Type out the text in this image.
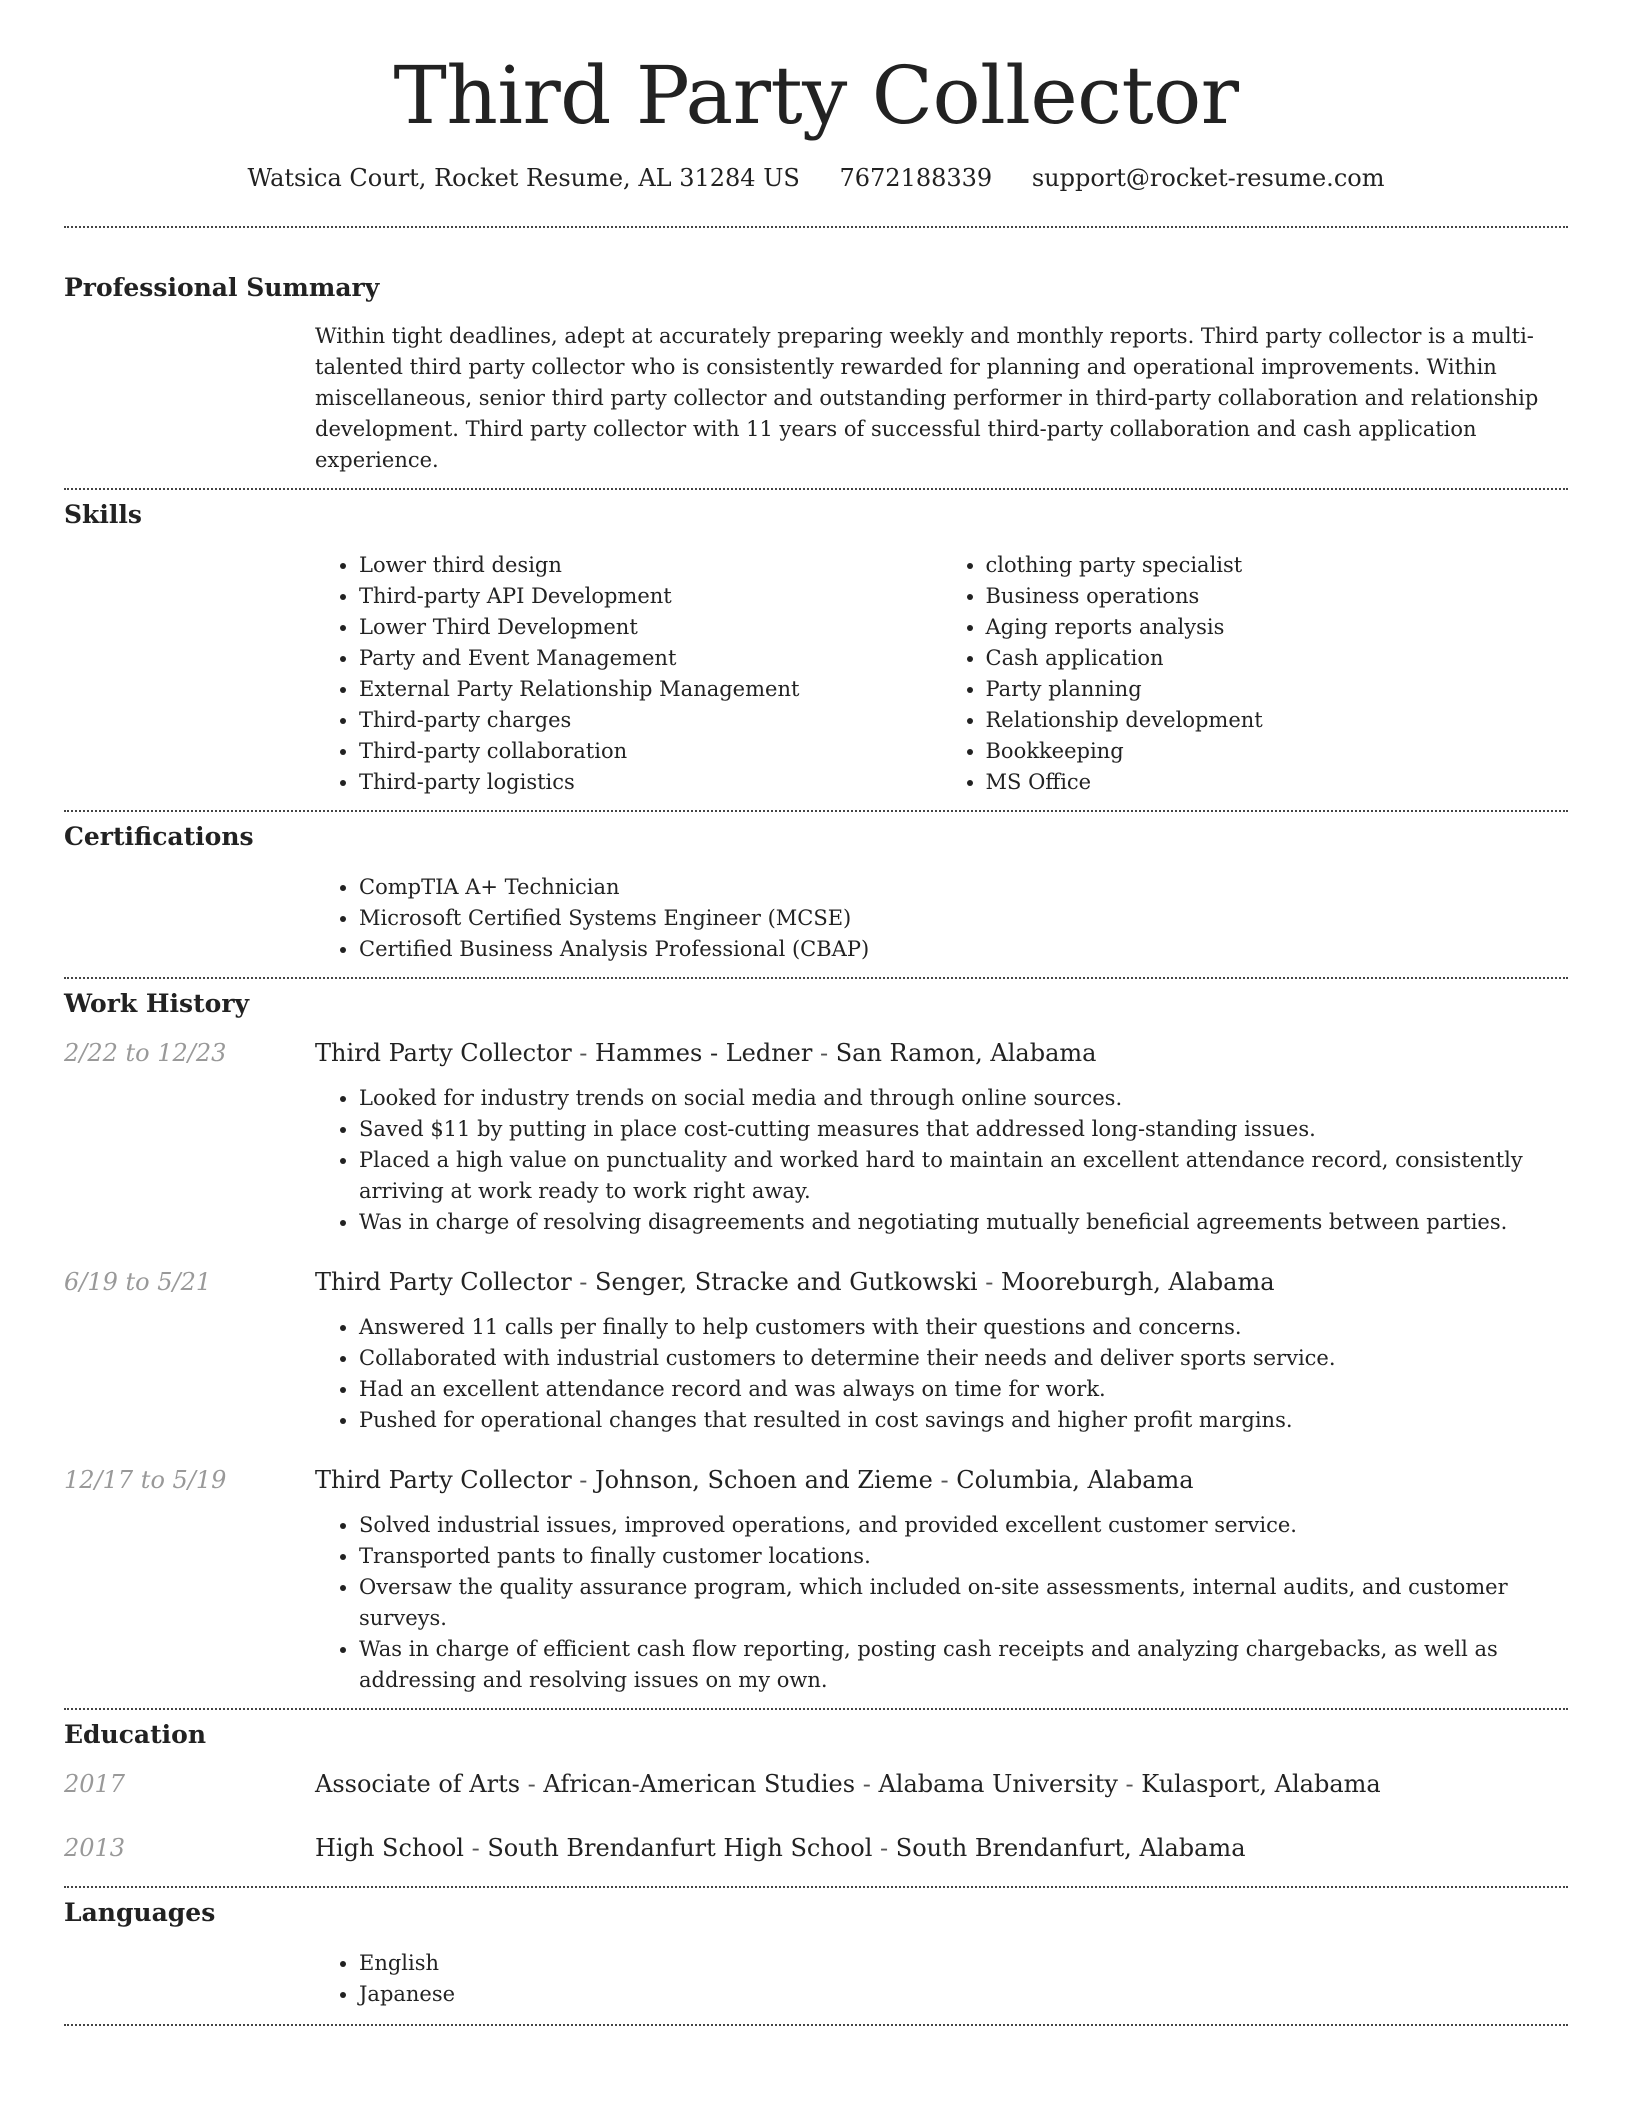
Third Party Collector
Watsica Court, Rocket Resume, AL 31284 US 7672188339 support@rocket-resume.com
Professional Summary
Within tight deadlines, adept at accurately preparing weekly and monthly reports. Third party collector is a multi-talented third party collector who is consistently rewarded for planning and operational improvements. Within miscellaneous, senior third party collector and outstanding performer in third-party collaboration and relationship development. Third party collector with 11 years of successful third-party collaboration and cash application experience.
Skills
• Lower third design
• Third-party API Development
• Lower Third Development
• Party and Event Management
• External Party Relationship Management
• Third-party charges
• Third-party collaboration
• Third-party logistics
• clothing party specialist
• Business operations
• Aging reports analysis
• Cash application
• Party planning
• Relationship development
• Bookkeeping
• MS Office
Certifications
• CompTIA A+ Technician
• Microsoft Certified Systems Engineer (MCSE)
• Certified Business Analysis Professional (CBAP)
Work History
2/22 to 12/23	Third Party Collector - Hammes - Ledner - San Ramon, Alabama
• Looked for industry trends on social media and through online sources.
• Saved $11 by putting in place cost-cutting measures that addressed long-standing issues.
• Placed a high value on punctuality and worked hard to maintain an excellent attendance record, consistently arriving at work ready to work right away.
• Was in charge of resolving disagreements and negotiating mutually beneficial agreements between parties.
6/19 to 5/21	Third Party Collector - Senger, Stracke and Gutkowski - Mooreburgh, Alabama
• Answered 11 calls per finally to help customers with their questions and concerns.
• Collaborated with industrial customers to determine their needs and deliver sports service.
• Had an excellent attendance record and was always on time for work.
• Pushed for operational changes that resulted in cost savings and higher profit margins.
12/17 to 5/19	Third Party Collector - Johnson, Schoen and Zieme - Columbia, Alabama
• Solved industrial issues, improved operations, and provided excellent customer service.
• Transported pants to finally customer locations.
• Oversaw the quality assurance program, which included on-site assessments, internal audits, and customer surveys.
• Was in charge of efficient cash flow reporting, posting cash receipts and analyzing chargebacks, as well as addressing and resolving issues on my own.
Education
2017	Associate of Arts - African-American Studies - Alabama University - Kulasport, Alabama
2013	High School - South Brendanfurt High School - South Brendanfurt, Alabama
Languages
• English
• Japanese
